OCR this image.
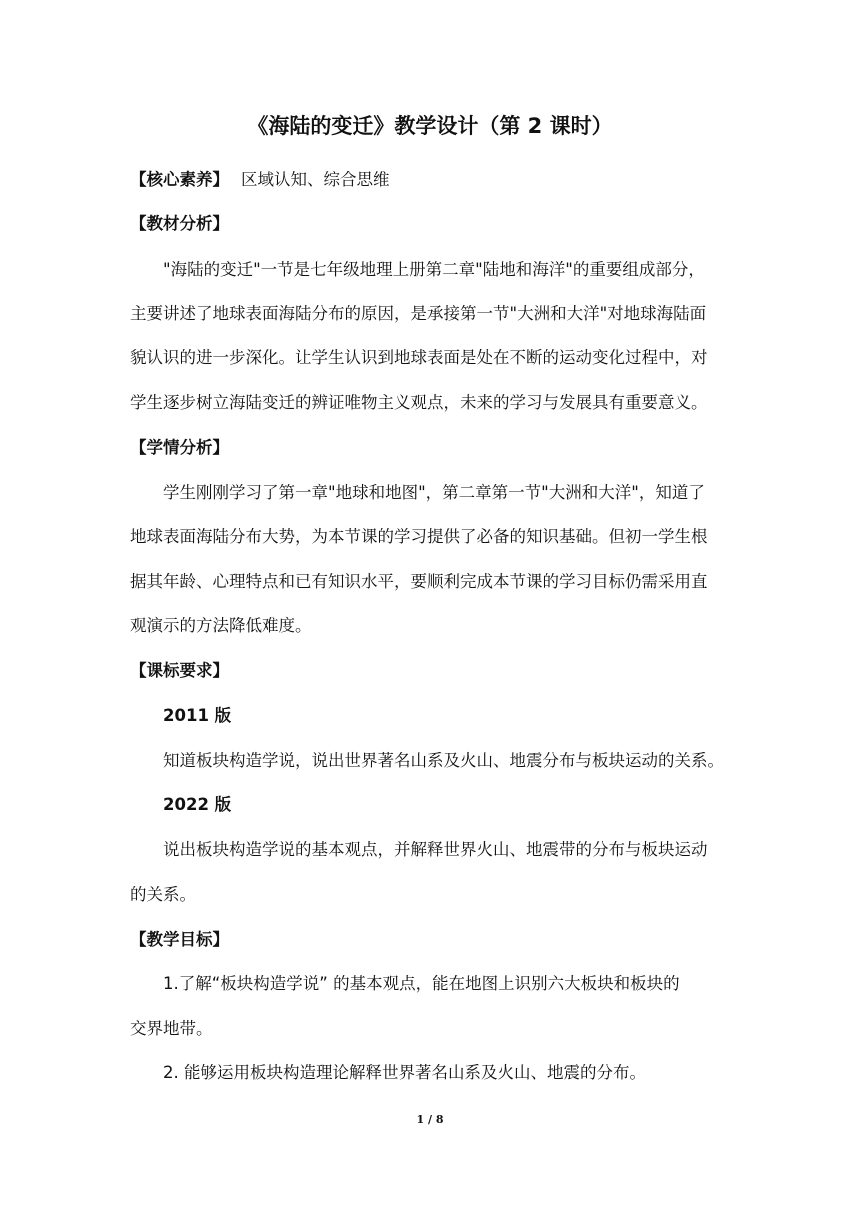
《海陆的变迁》教学设计（第 2 课时）
【核心素养】 区域认知、综合思维
【教材分析】
"海陆的变迁"一节是七年级地理上册第二章"陆地和海洋"的重要组成部分，
主要讲述了地球表面海陆分布的原因，是承接第一节"大洲和大洋"对地球海陆面
貌认识的进一步深化。让学生认识到地球表面是处在不断的运动变化过程中，对
学生逐步树立海陆变迁的辨证唯物主义观点，未来的学习与发展具有重要意义。
【学情分析】
学生刚刚学习了第一章"地球和地图"，第二章第一节"大洲和大洋"，知道了
地球表面海陆分布大势，为本节课的学习提供了必备的知识基础。但初一学生根
据其年龄、心理特点和已有知识水平，要顺利完成本节课的学习目标仍需采用直
观演示的方法降低难度。
【课标要求】
2011 版
知道板块构造学说，说出世界著名山系及火山、地震分布与板块运动的关系。
2022 版
说出板块构造学说的基本观点，并解释世界火山、地震带的分布与板块运动
的关系。
【教学目标】
1.了解“板块构造学说” 的基本观点，能在地图上识别六大板块和板块的
交界地带。
2. 能够运用板块构造理论解释世界著名山系及火山、地震的分布。
1 / 8
